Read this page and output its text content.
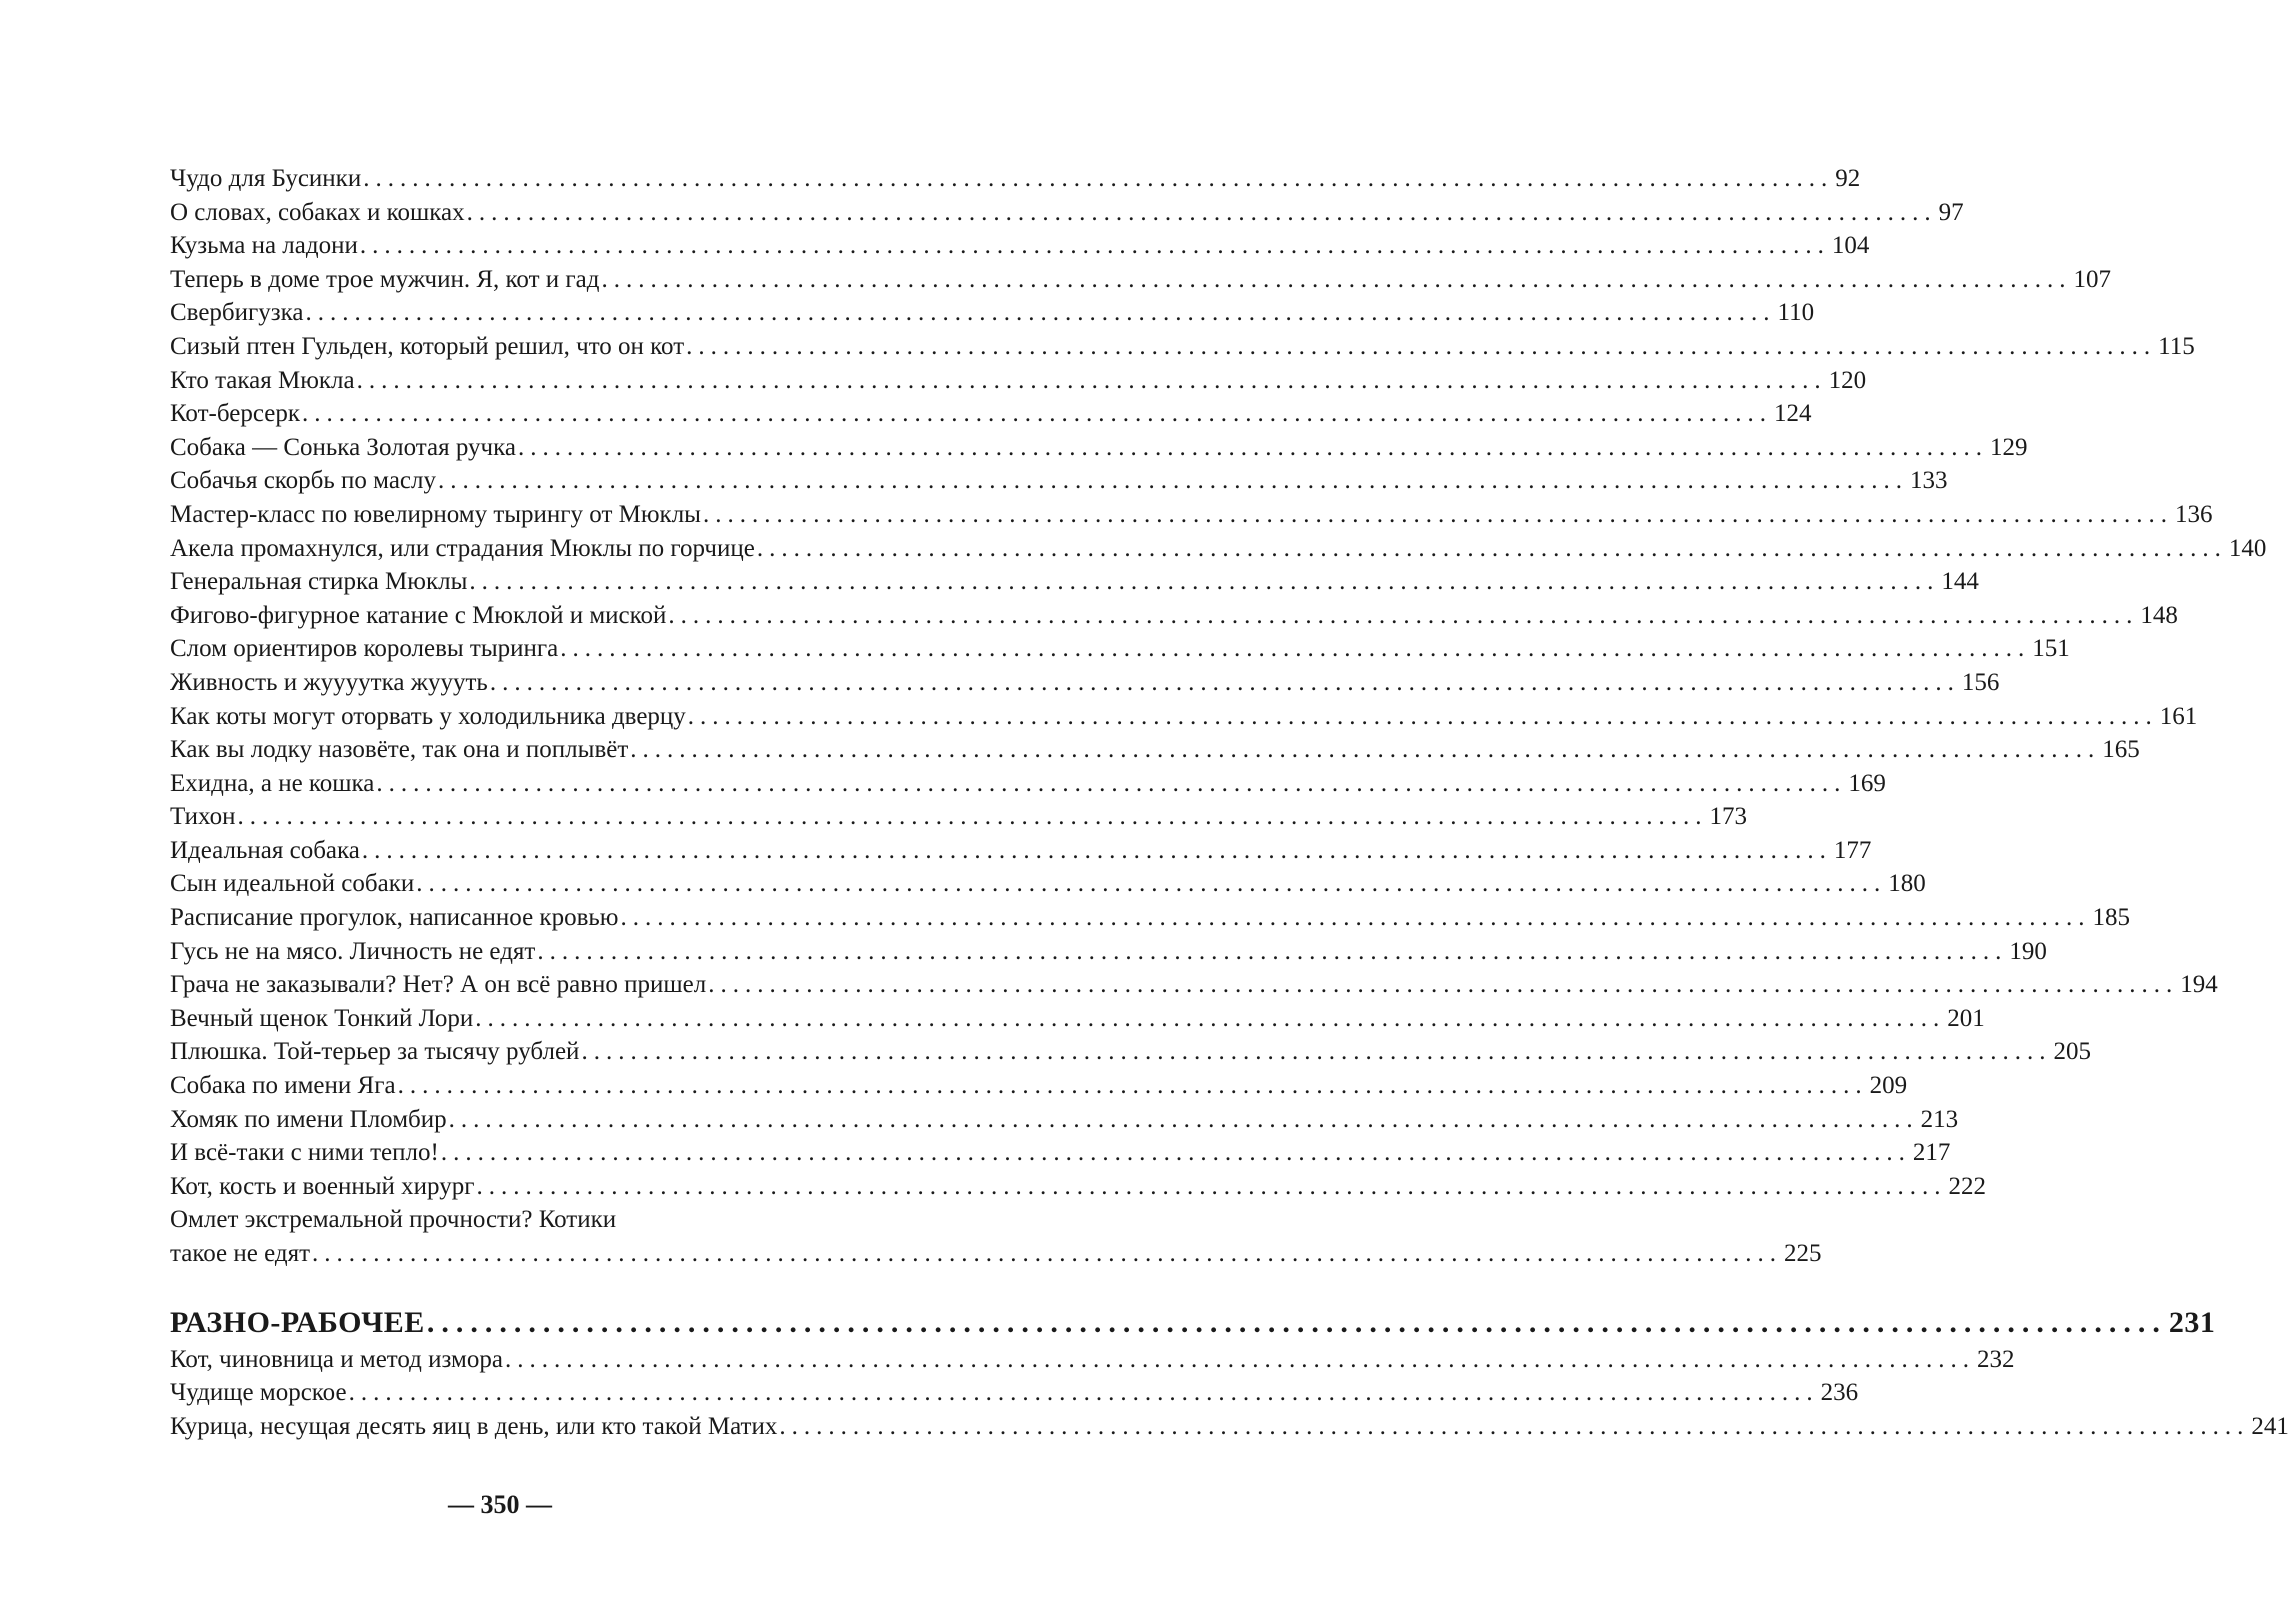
Чудо для Бусинки ........................................................................................................................ 92
О словах, собаках и кошках ........................................................................................................................ 97
Кузьма на ладони ........................................................................................................................ 104
Теперь в доме трое мужчин. Я, кот и гад ........................................................................................................................ 107
Свербигузка ........................................................................................................................ 110
Сизый птен Гульден, который решил, что он кот ........................................................................................................................ 115
Кто такая Мюкла ........................................................................................................................ 120
Кот-берсерк ........................................................................................................................ 124
Собака — Сонька Золотая ручка ........................................................................................................................ 129
Собачья скорбь по маслу ........................................................................................................................ 133
Мастер-класс по ювелирному тырингу от Мюклы ........................................................................................................................ 136
Акела промахнулся, или страдания Мюклы по горчице ........................................................................................................................ 140
Генеральная стирка Мюклы ........................................................................................................................ 144
Фигово-фигурное катание с Мюклой и миской ........................................................................................................................ 148
Слом ориентиров королевы тыринга ........................................................................................................................ 151
Живность и жуууутка жуууть ........................................................................................................................ 156
Как коты могут оторвать у холодильника дверцу ........................................................................................................................ 161
Как вы лодку назовёте, так она и поплывёт ........................................................................................................................ 165
Ехидна, а не кошка ........................................................................................................................ 169
Тихон ........................................................................................................................ 173
Идеальная собака ........................................................................................................................ 177
Сын идеальной собаки ........................................................................................................................ 180
Расписание прогулок, написанное кровью ........................................................................................................................ 185
Гусь не на мясо. Личность не едят ........................................................................................................................ 190
Грача не заказывали? Нет? А он всё равно пришел ........................................................................................................................ 194
Вечный щенок Тонкий Лори ........................................................................................................................ 201
Плюшка. Той-терьер за тысячу рублей ........................................................................................................................ 205
Собака по имени Яга ........................................................................................................................ 209
Хомяк по имени Пломбир ........................................................................................................................ 213
И всё-таки с ними тепло! ........................................................................................................................ 217
Кот, кость и военный хирург ........................................................................................................................ 222
Омлет экстремальной прочности? Котики
такое не едят ........................................................................................................................ 225
РАЗНО-РАБОЧЕЕ ........................................................................................................................ 231
Кот, чиновница и метод измора ........................................................................................................................ 232
Чудище морское ........................................................................................................................ 236
Курица, несущая десять яиц в день, или кто такой Матих ........................................................................................................................ 241
— 350 —
